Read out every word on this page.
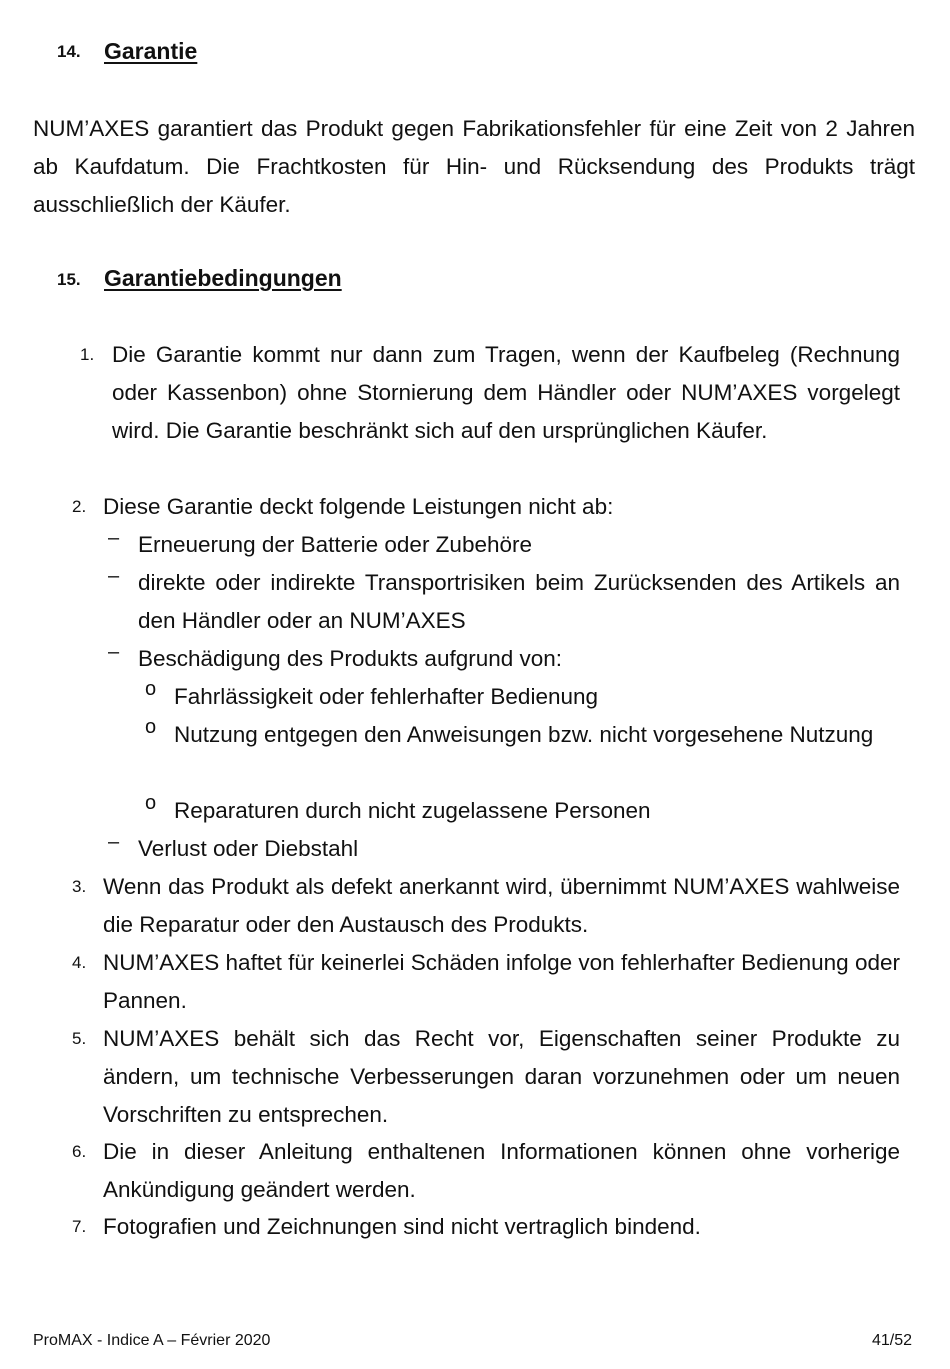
14. Garantie
NUM’AXES garantiert das Produkt gegen Fabrikationsfehler für eine Zeit von 2 Jahren ab Kaufdatum. Die Frachtkosten für Hin- und Rücksendung des Produkts trägt ausschließlich der Käufer.
15. Garantiebedingungen
1. Die Garantie kommt nur dann zum Tragen, wenn der Kaufbeleg (Rechnung oder Kassenbon) ohne Stornierung dem Händler oder NUM’AXES vorgelegt wird. Die Garantie beschränkt sich auf den ursprünglichen Käufer.
2. Diese Garantie deckt folgende Leistungen nicht ab:
– Erneuerung der Batterie oder Zubehöre
– direkte oder indirekte Transportrisiken beim Zurücksenden des Artikels an den Händler oder an NUM’AXES
– Beschädigung des Produkts aufgrund von:
o Fahrlässigkeit oder fehlerhafter Bedienung
o Nutzung entgegen den Anweisungen bzw. nicht vorgesehene Nutzung
o Reparaturen durch nicht zugelassene Personen
– Verlust oder Diebstahl
3. Wenn das Produkt als defekt anerkannt wird, übernimmt NUM’AXES wahlweise die Reparatur oder den Austausch des Produkts.
4. NUM’AXES haftet für keinerlei Schäden infolge von fehlerhafter Bedienung oder Pannen.
5. NUM’AXES behält sich das Recht vor, Eigenschaften seiner Produkte zu ändern, um technische Verbesserungen daran vorzunehmen oder um neuen Vorschriften zu entsprechen.
6. Die in dieser Anleitung enthaltenen Informationen können ohne vorherige Ankündigung geändert werden.
7. Fotografien und Zeichnungen sind nicht vertraglich bindend.
ProMAX - Indice A – Février 2020	41/52
